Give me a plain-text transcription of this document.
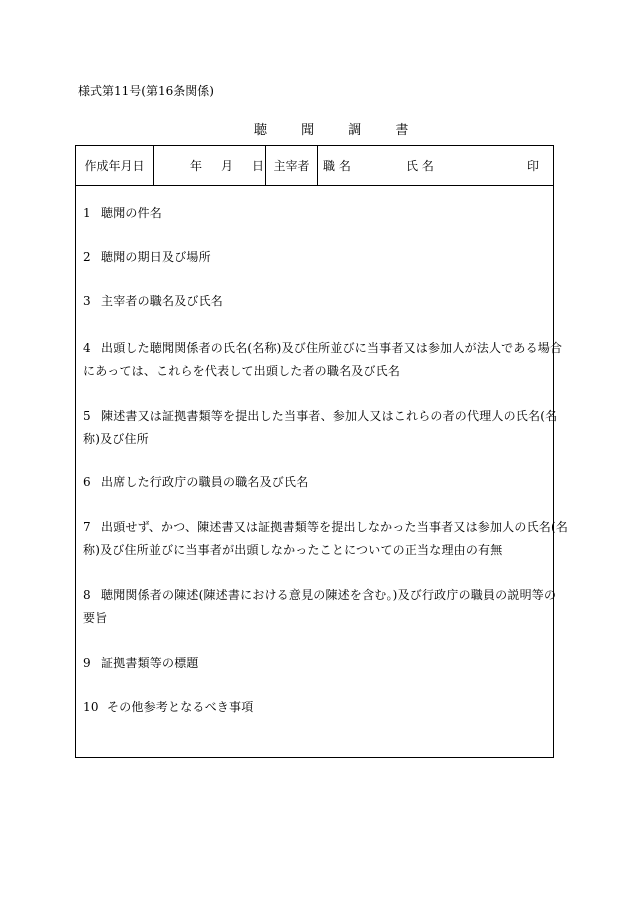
様式第11号(第16条関係)
聴 聞 調 書
作成年月日	年 月 日 主宰者	職 名	氏 名	印
1 聴聞の件名
2 聴聞の期日及び場所
3 主宰者の職名及び氏名
4 出頭した聴聞関係者の氏名(名称)及び住所並びに当事者又は参加人が法人である場合
にあっては、これらを代表して出頭した者の職名及び氏名
5 陳述書又は証拠書類等を提出した当事者、参加人又はこれらの者の代理人の氏名(名
称)及び住所
6 出席した行政庁の職員の職名及び氏名
7 出頭せず、かつ、陳述書又は証拠書類等を提出しなかった当事者又は参加人の氏名(名
称)及び住所並びに当事者が出頭しなかったことについての正当な理由の有無
8 聴聞関係者の陳述(陳述書における意見の陳述を含む。)及び行政庁の職員の説明等の
要旨
9 証拠書類等の標題
10 その他参考となるべき事項
